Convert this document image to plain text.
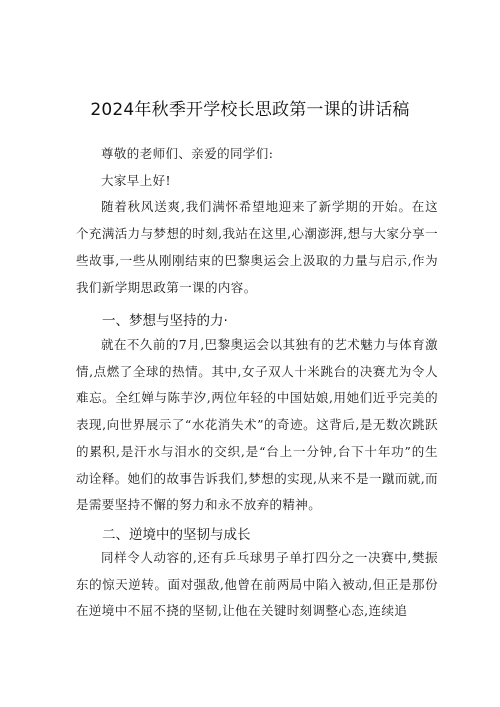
2024年秋季开学校长思政第一课的讲话稿

尊敬的老师们、亲爱的同学们:

大家早上好!

随着秋风送爽,我们满怀希望地迎来了新学期的开始。在这个充满活力与梦想的时刻,我站在这里,心潮澎湃,想与大家分享一些故事,一些从刚刚结束的巴黎奥运会上汲取的力量与启示,作为我们新学期思政第一课的内容。

一、梦想与坚持的力·

就在不久前的7月,巴黎奥运会以其独有的艺术魅力与体育激情,点燃了全球的热情。其中,女子双人十米跳台的决赛尤为令人难忘。全红婵与陈芋汐,两位年轻的中国姑娘,用她们近乎完美的表现,向世界展示了“水花消失术”的奇迹。这背后,是无数次跳跃的累积,是汗水与泪水的交织,是“台上一分钟,台下十年功”的生动诠释。她们的故事告诉我们,梦想的实现,从来不是一蹴而就,而是需要坚持不懈的努力和永不放弃的精神。

二、逆境中的坚韧与成长

同样令人动容的,还有乒乓球男子单打四分之一决赛中,樊振东的惊天逆转。面对强敌,他曾在前两局中陷入被动,但正是那份在逆境中不屈不挠的坚韧,让他在关键时刻调整心态,连续追
